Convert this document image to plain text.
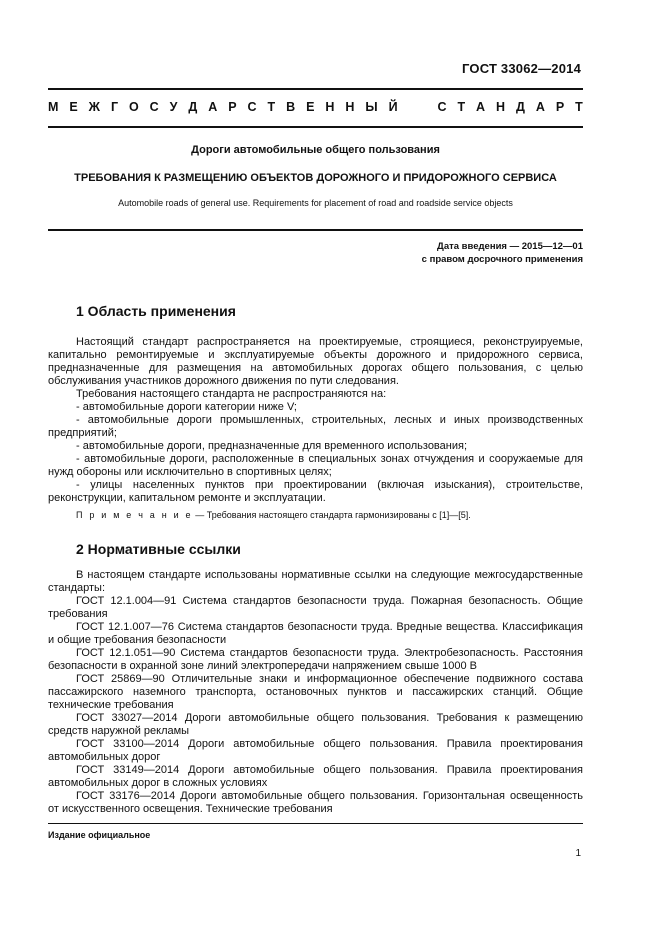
ГОСТ 33062—2014
М Е Ж Г О С У Д А Р С Т В Е Н Н Ы Й	С Т А Н Д А Р Т
Дороги автомобильные общего пользования
ТРЕБОВАНИЯ К РАЗМЕЩЕНИЮ ОБЪЕКТОВ ДОРОЖНОГО И ПРИДОРОЖНОГО СЕРВИСА
Automobile roads of general use. Requirements for placement of road and roadside service objects
Дата введения — 2015—12—01
с правом досрочного применения
1 Область применения

Настоящий стандарт распространяется на проектируемые, строящиеся, реконструируемые, капитально ремонтируемые и эксплуатируемые объекты дорожного и придорожного сервиса, предназначенные для размещения на автомобильных дорогах общего пользования, с целью обслуживания участников дорожного движения по пути следования.

Требования настоящего стандарта не распространяются на:

- автомобильные дороги категории ниже V;

- автомобильные дороги промышленных, строительных, лесных и иных производственных предприятий;

- автомобильные дороги, предназначенные для временного использования;

- автомобильные дороги, расположенные в специальных зонах отчуждения и сооружаемые для нужд обороны или исключительно в спортивных целях;

- улицы населенных пунктов при проектировании (включая изыскания), строительстве, реконструкции, капитальном ремонте и эксплуатации.

П р и м е ч а н и е — Требования настоящего стандарта гармонизированы с [1]—[5].
2 Нормативные ссылки

В настоящем стандарте использованы нормативные ссылки на следующие межгосударственные стандарты:

ГОСТ 12.1.004—91 Система стандартов безопасности труда. Пожарная безопасность. Общие требования

ГОСТ 12.1.007—76 Система стандартов безопасности труда. Вредные вещества. Классификация и общие требования безопасности

ГОСТ 12.1.051—90 Система стандартов безопасности труда. Электробезопасность. Расстояния безопасности в охранной зоне линий электропередачи напряжением свыше 1000 В

ГОСТ 25869—90 Отличительные знаки и информационное обеспечение подвижного состава пассажирского наземного транспорта, остановочных пунктов и пассажирских станций. Общие технические требования

ГОСТ 33027—2014 Дороги автомобильные общего пользования. Требования к размещению средств наружной рекламы

ГОСТ 33100—2014 Дороги автомобильные общего пользования. Правила проектирования автомобильных дорог

ГОСТ 33149—2014 Дороги автомобильные общего пользования. Правила проектирования автомобильных дорог в сложных условиях

ГОСТ 33176—2014 Дороги автомобильные общего пользования. Горизонтальная освещенность от искусственного освещения. Технические требования

Издание официальное
1
